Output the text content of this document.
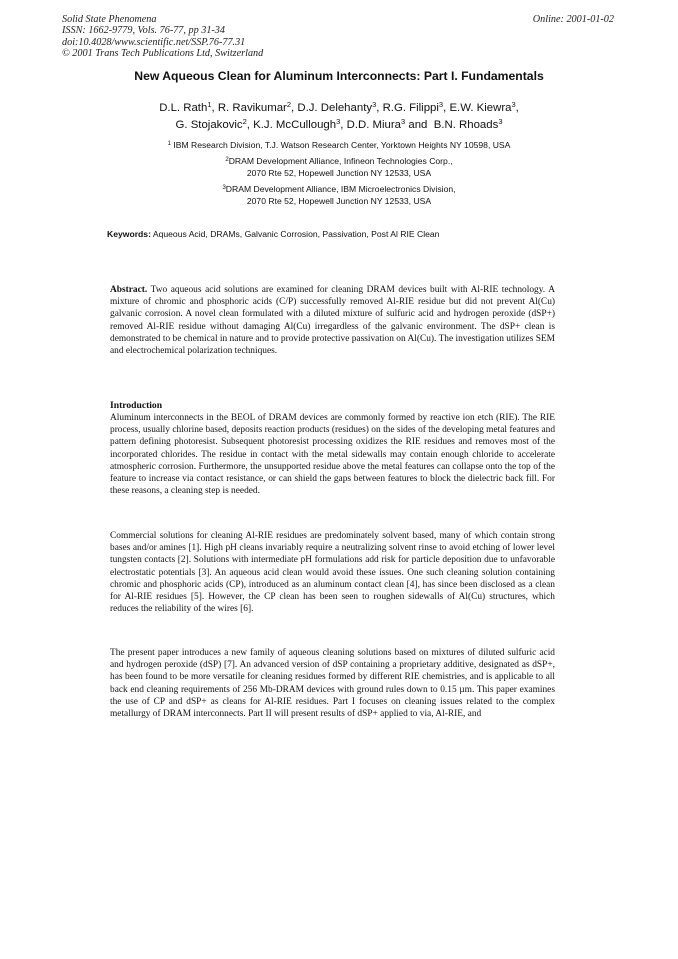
Solid State Phenomena
ISSN: 1662-9779, Vols. 76-77, pp 31-34
doi:10.4028/www.scientific.net/SSP.76-77.31
© 2001 Trans Tech Publications Ltd, Switzerland
Online: 2001-01-02
New Aqueous Clean for Aluminum Interconnects: Part I. Fundamentals
D.L. Rath$^1$, R. Ravikumar$^2$, D.J. Delehanty$^3$, R.G. Filippi$^3$, E.W. Kiewra$^3$,
G. Stojakovic$^2$, K.J. McCullough$^3$, D.D. Miura$^3$ and  B.N. Rhoads$^3$
$^1$ IBM Research Division, T.J. Watson Research Center, Yorktown Heights NY 10598, USA
$^2$DRAM Development Alliance, Infineon Technologies Corp.,
2070 Rte 52, Hopewell Junction NY 12533, USA
$^3$DRAM Development Alliance, IBM Microelectronics Division,
2070 Rte 52, Hopewell Junction NY 12533, USA
Keywords: Aqueous Acid, DRAMs, Galvanic Corrosion, Passivation, Post Al RIE Clean
Abstract. Two aqueous acid solutions are examined for cleaning DRAM devices built with Al-RIE technology. A mixture of chromic and phosphoric acids (C/P) successfully removed Al-RIE residue but did not prevent Al(Cu) galvanic corrosion. A novel clean formulated with a diluted mixture of sulfuric acid and hydrogen peroxide (dSP+) removed Al-RIE residue without damaging Al(Cu) irregardless of the galvanic environment. The dSP+ clean is demonstrated to be chemical in nature and to provide protective passivation on Al(Cu). The investigation utilizes SEM and electrochemical polarization techniques.
Introduction
Aluminum interconnects in the BEOL of DRAM devices are commonly formed by reactive ion etch (RIE). The RIE process, usually chlorine based, deposits reaction products (residues) on the sides of the developing metal features and pattern defining photoresist. Subsequent photoresist processing oxidizes the RIE residues and removes most of the incorporated chlorides. The residue in contact with the metal sidewalls may contain enough chloride to accelerate atmospheric corrosion. Furthermore, the unsupported residue above the metal features can collapse onto the top of the feature to increase via contact resistance, or can shield the gaps between features to block the dielectric back fill. For these reasons, a cleaning step is needed.
Commercial solutions for cleaning Al-RIE residues are predominately solvent based, many of which contain strong bases and/or amines [1]. High pH cleans invariably require a neutralizing solvent rinse to avoid etching of lower level tungsten contacts [2]. Solutions with intermediate pH formulations add risk for particle deposition due to unfavorable electrostatic potentials [3]. An aqueous acid clean would avoid these issues. One such cleaning solution containing chromic and phosphoric acids (CP), introduced as an aluminum contact clean [4], has since been disclosed as a clean for Al-RIE residues [5]. However, the CP clean has been seen to roughen sidewalls of Al(Cu) structures, which reduces the reliability of the wires [6].
The present paper introduces a new family of aqueous cleaning solutions based on mixtures of diluted sulfuric acid and hydrogen peroxide (dSP) [7]. An advanced version of dSP containing a proprietary additive, designated as dSP+, has been found to be more versatile for cleaning residues formed by different RIE chemistries, and is applicable to all back end cleaning requirements of 256 Mb-DRAM devices with ground rules down to 0.15 µm. This paper examines the use of CP and dSP+ as cleans for Al-RIE residues. Part I focuses on cleaning issues related to the complex metallurgy of DRAM interconnects. Part II will present results of dSP+ applied to via, Al-RIE, and
